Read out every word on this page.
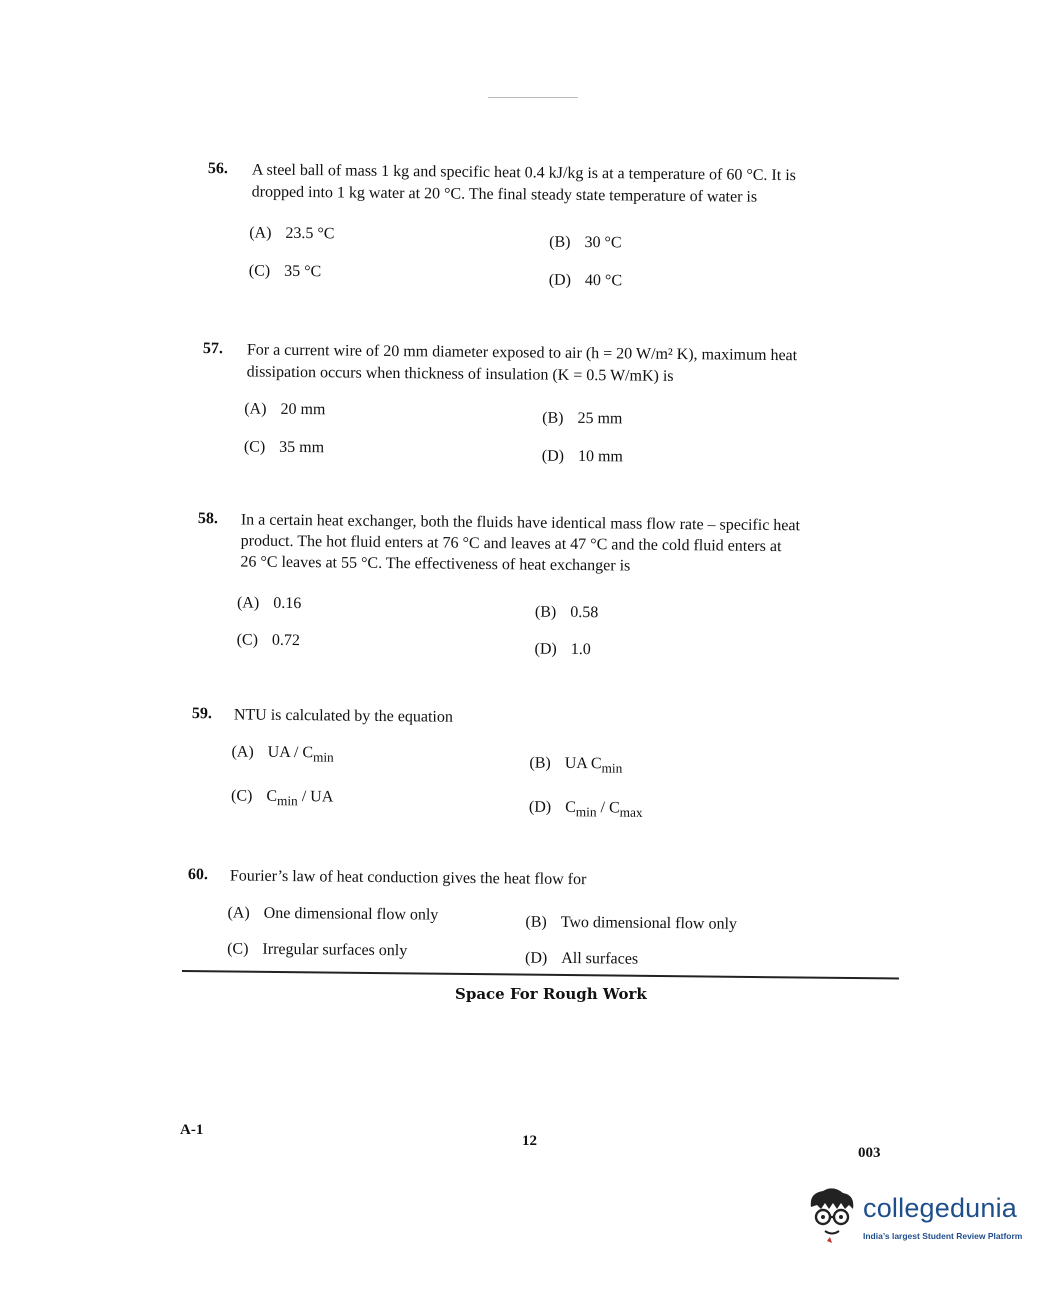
56. A steel ball of mass 1 kg and specific heat 0.4 kJ/kg is at a temperature of 60 °C. It is
dropped into 1 kg water at 20 °C. The final steady state temperature of water is
(A) 23.5 °C	(B) 30 °C
(C) 35 °C	(D) 40 °C
57. For a current wire of 20 mm diameter exposed to air (h = 20 W/m² K), maximum heat
dissipation occurs when thickness of insulation (K = 0.5 W/mK) is
(A) 20 mm	(B) 25 mm
(C) 35 mm	(D) 10 mm
58. In a certain heat exchanger, both the fluids have identical mass flow rate – specific heat
product. The hot fluid enters at 76 °C and leaves at 47 °C and the cold fluid enters at
26 °C leaves at 55 °C. The effectiveness of heat exchanger is
(A) 0.16
(B) 0.58
(C) 0.72
(D) 1.0
59. NTU is calculated by the equation
(A) UA / $C_{min}$	(B) UA $C_{min}$
(C) $C_{min}$ / UA
(D) $C_{min} / C_{max}$
60. Fourier’s law of heat conduction gives the heat flow for
(A) One dimensional flow only	(B) Two dimensional flow only
(C) Irregular surfaces only	(D) All surfaces
Space For Rough Work
A-1
12
003
collegedunia
India’s largest Student Review Platform
